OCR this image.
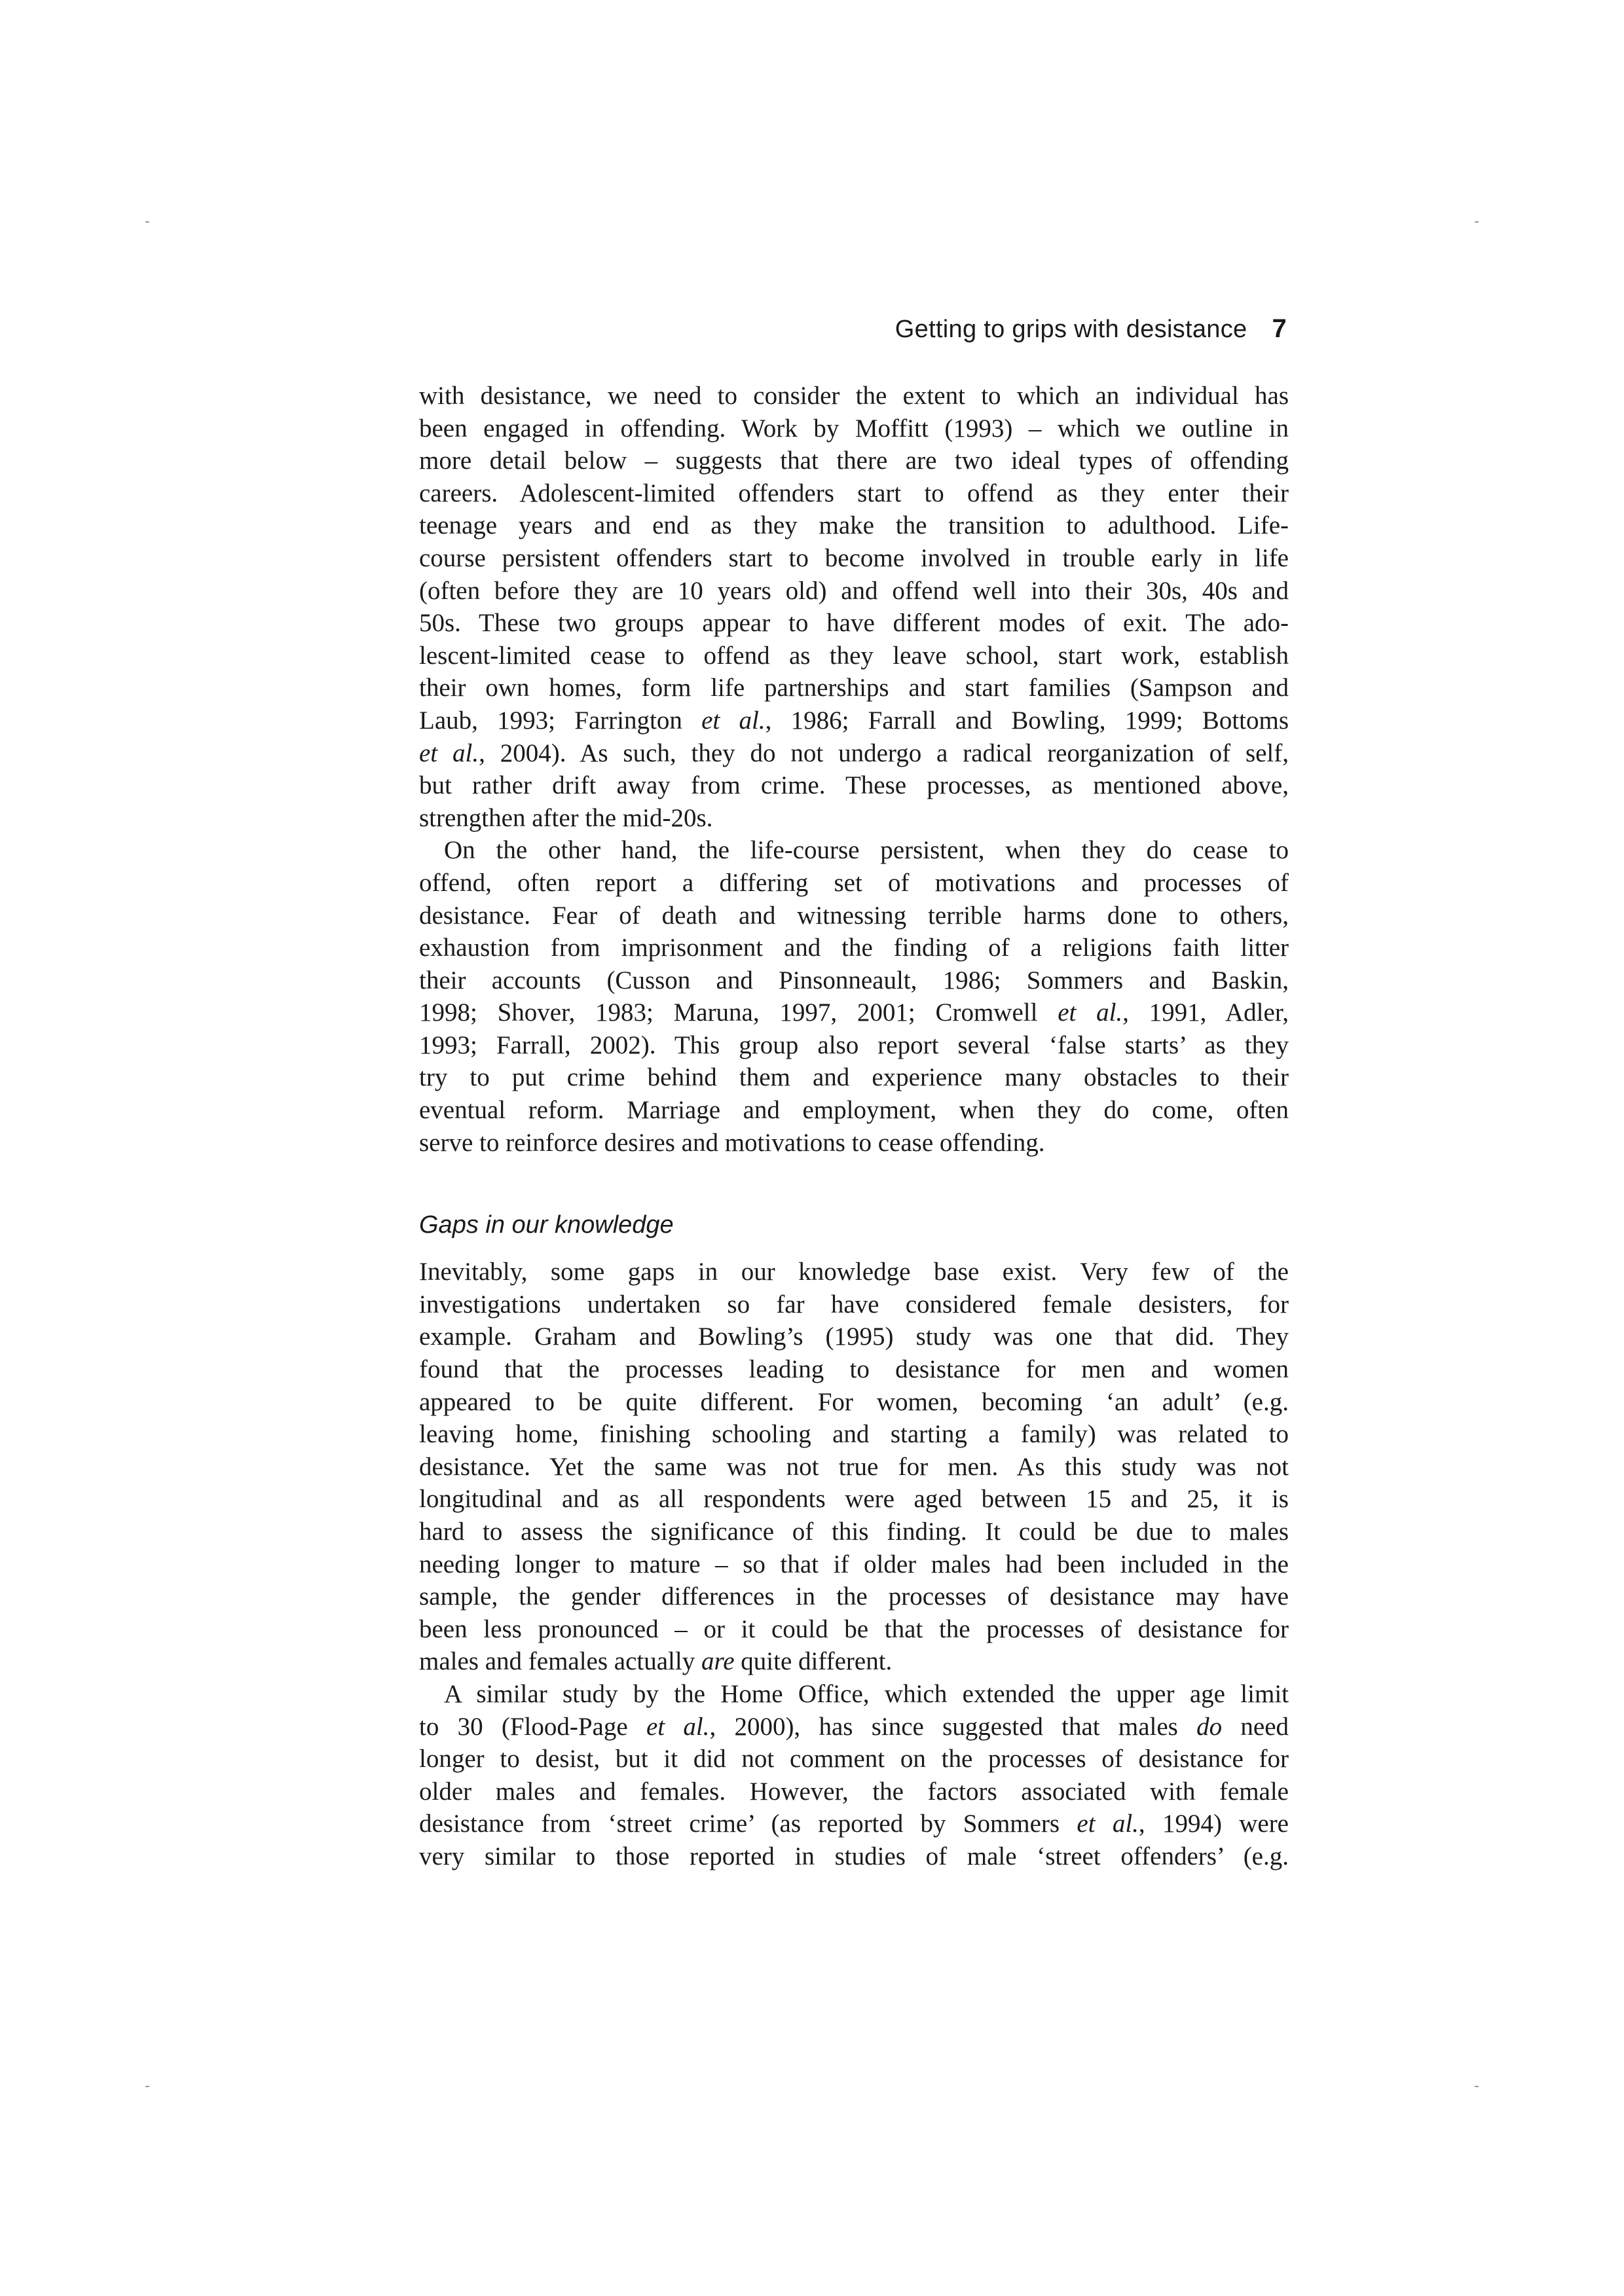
Getting to grips with desistance 7

with desistance, we need to consider the extent to which an individual has
been engaged in offending. Work by Moffitt (1993) – which we outline in
more detail below – suggests that there are two ideal types of offending
careers. Adolescent-limited offenders start to offend as they enter their
teenage years and end as they make the transition to adulthood. Life-
course persistent offenders start to become involved in trouble early in life
(often before they are 10 years old) and offend well into their 30s, 40s and
50s. These two groups appear to have different modes of exit. The ado-
lescent-limited cease to offend as they leave school, start work, establish
their own homes, form life partnerships and start families (Sampson and
Laub, 1993; Farrington et al., 1986; Farrall and Bowling, 1999; Bottoms
et al., 2004). As such, they do not undergo a radical reorganization of self,
but rather drift away from crime. These processes, as mentioned above,
strengthen after the mid-20s.

On the other hand, the life-course persistent, when they do cease to
offend, often report a differing set of motivations and processes of
desistance. Fear of death and witnessing terrible harms done to others,
exhaustion from imprisonment and the finding of a religions faith litter
their accounts (Cusson and Pinsonneault, 1986; Sommers and Baskin,
1998; Shover, 1983; Maruna, 1997, 2001; Cromwell et al., 1991, Adler,
1993; Farrall, 2002). This group also report several ‘false starts’ as they
try to put crime behind them and experience many obstacles to their
eventual reform. Marriage and employment, when they do come, often
serve to reinforce desires and motivations to cease offending.

Gaps in our knowledge

Inevitably, some gaps in our knowledge base exist. Very few of the
investigations undertaken so far have considered female desisters, for
example. Graham and Bowling’s (1995) study was one that did. They
found that the processes leading to desistance for men and women
appeared to be quite different. For women, becoming ‘an adult’ (e.g.
leaving home, finishing schooling and starting a family) was related to
desistance. Yet the same was not true for men. As this study was not
longitudinal and as all respondents were aged between 15 and 25, it is
hard to assess the significance of this finding. It could be due to males
needing longer to mature – so that if older males had been included in the
sample, the gender differences in the processes of desistance may have
been less pronounced – or it could be that the processes of desistance for
males and females actually are quite different.

A similar study by the Home Office, which extended the upper age limit
to 30 (Flood-Page et al., 2000), has since suggested that males do need
longer to desist, but it did not comment on the processes of desistance for
older males and females. However, the factors associated with female
desistance from ‘street crime’ (as reported by Sommers et al., 1994) were
very similar to those reported in studies of male ‘street offenders’ (e.g.
